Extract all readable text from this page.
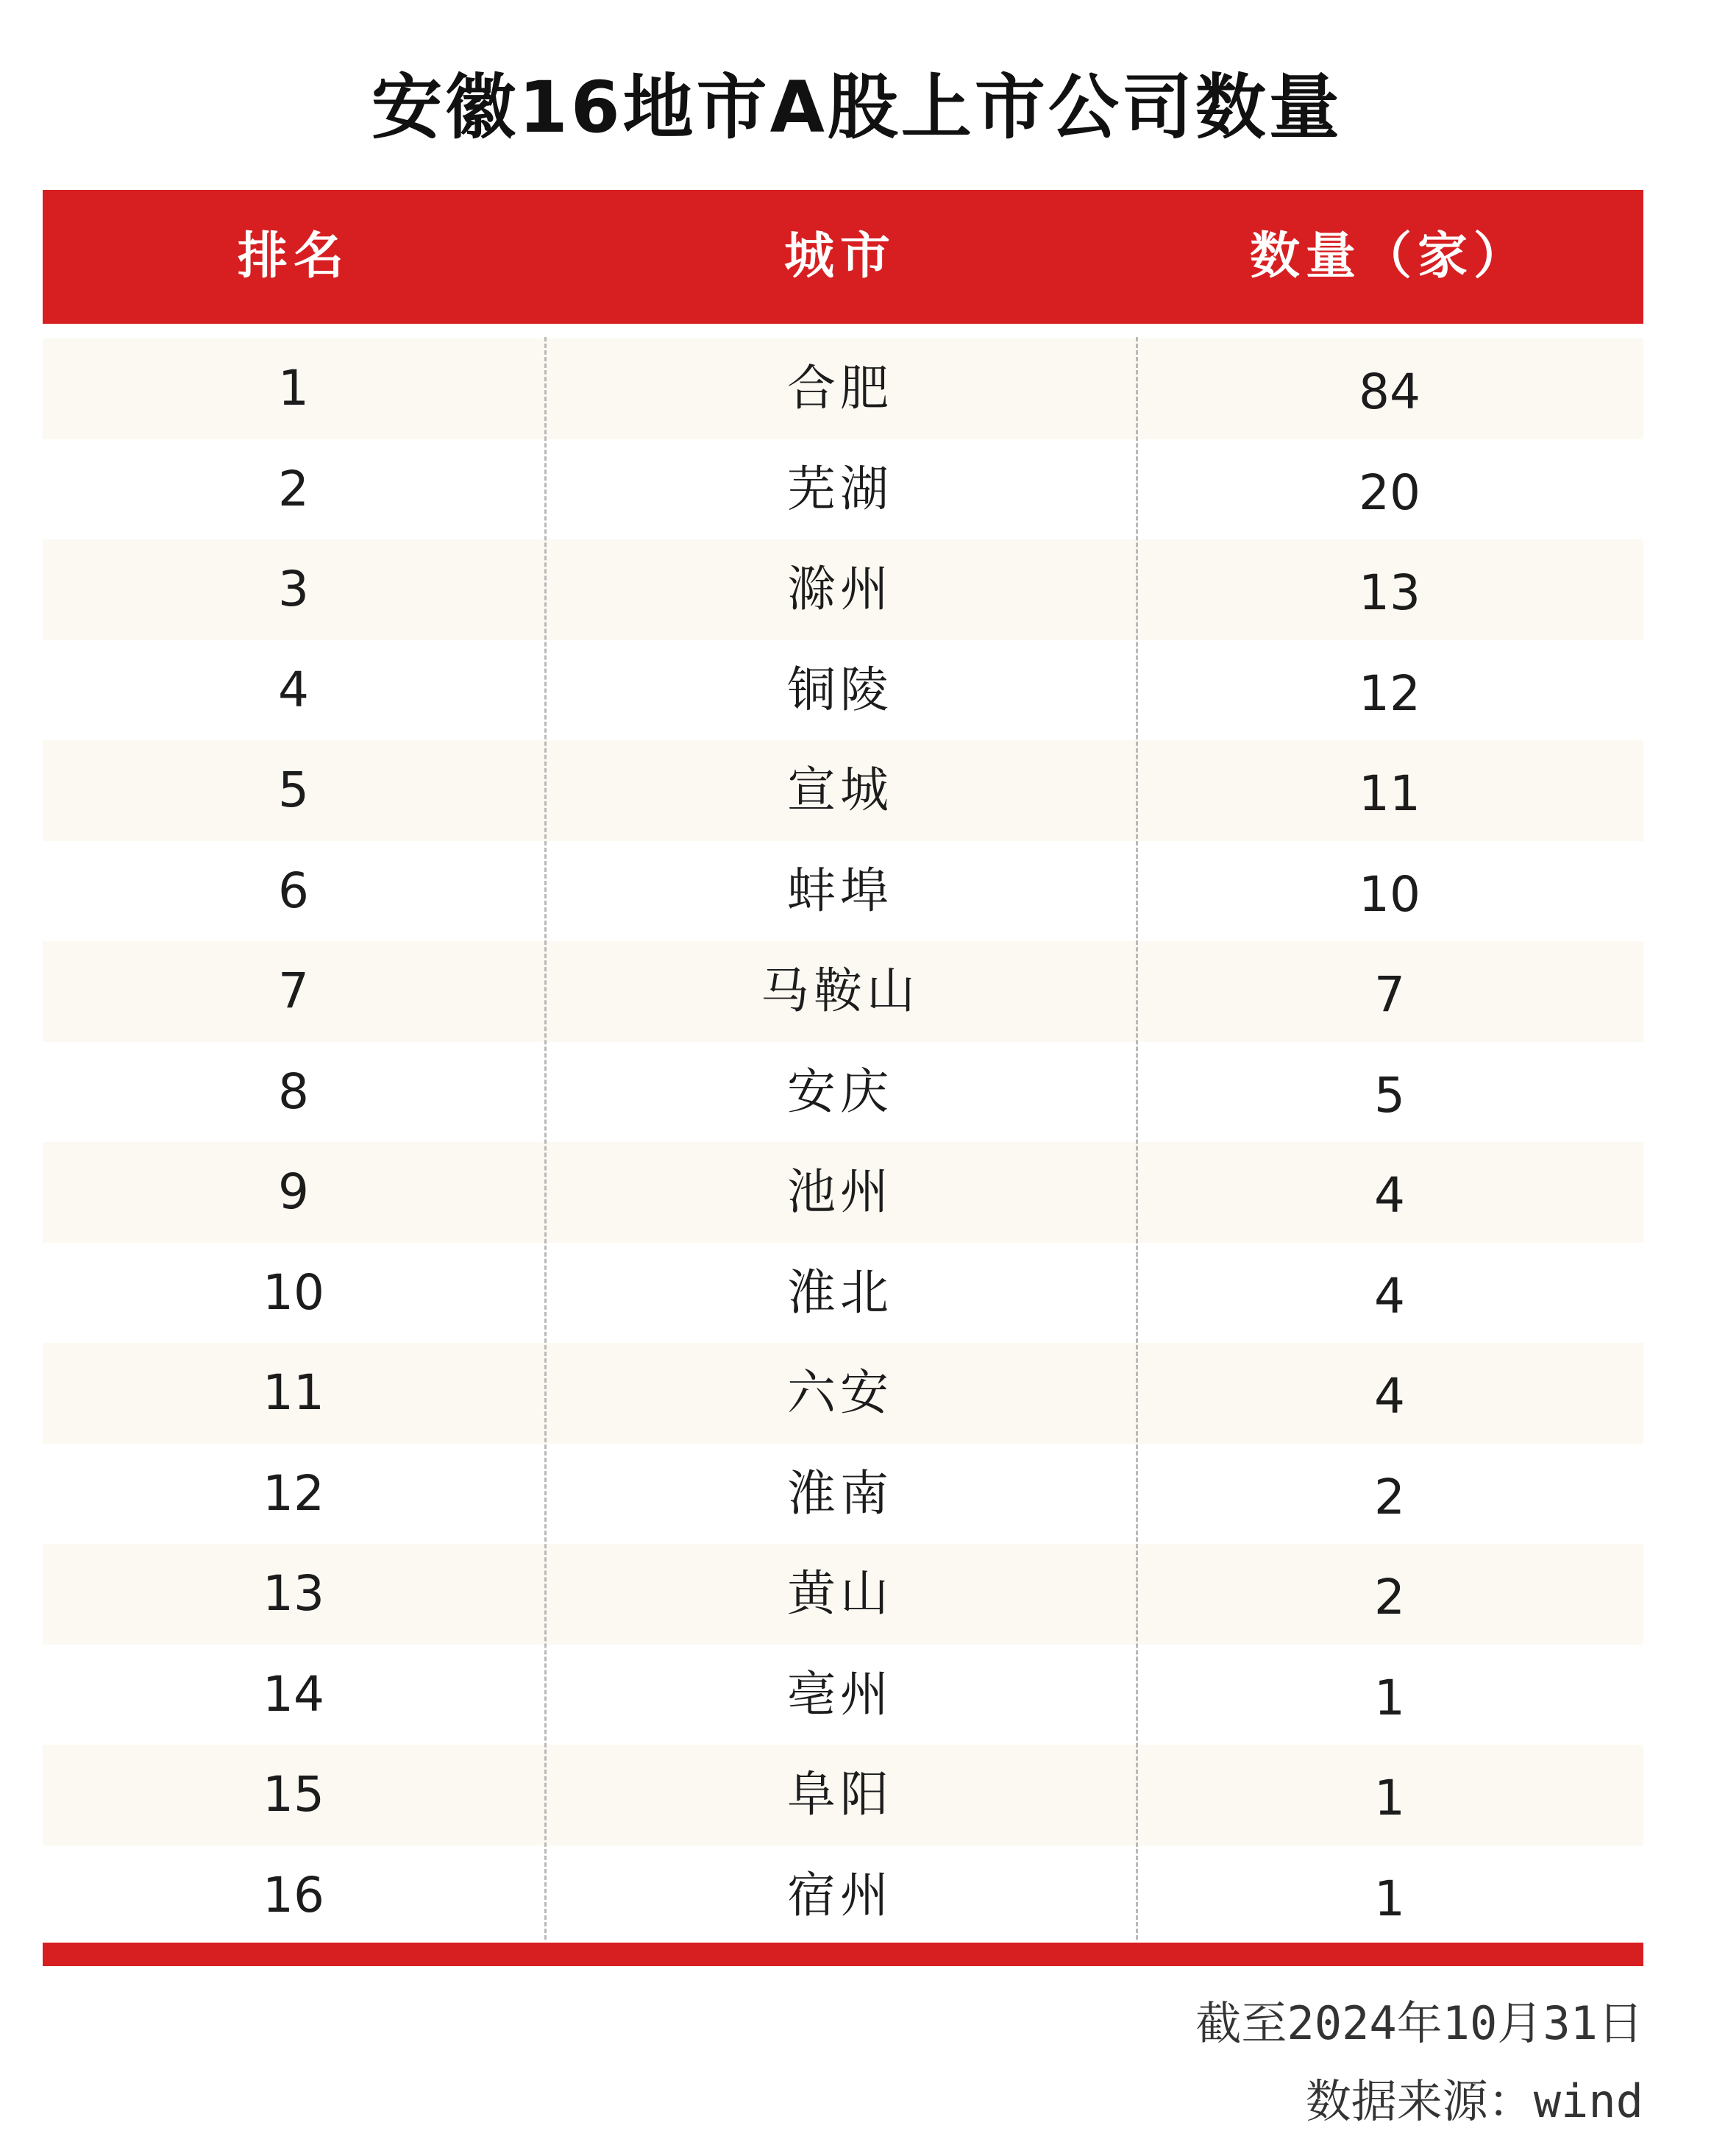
安徽16地市A股上市公司数量
排名	城市	数量（家）
1	合肥	84
2	芜湖	20
3	滁州	13
4	铜陵	12
5	宣城	11
6	蚌埠	10
7	马鞍山	7
8	安庆	5
9	池州	4
10	淮北	4
11	六安	4
12	淮南	2
13	黄山	2
14	亳州	1
15	阜阳	1
16	宿州	1
截至2024年10月31日
数据来源：wind
